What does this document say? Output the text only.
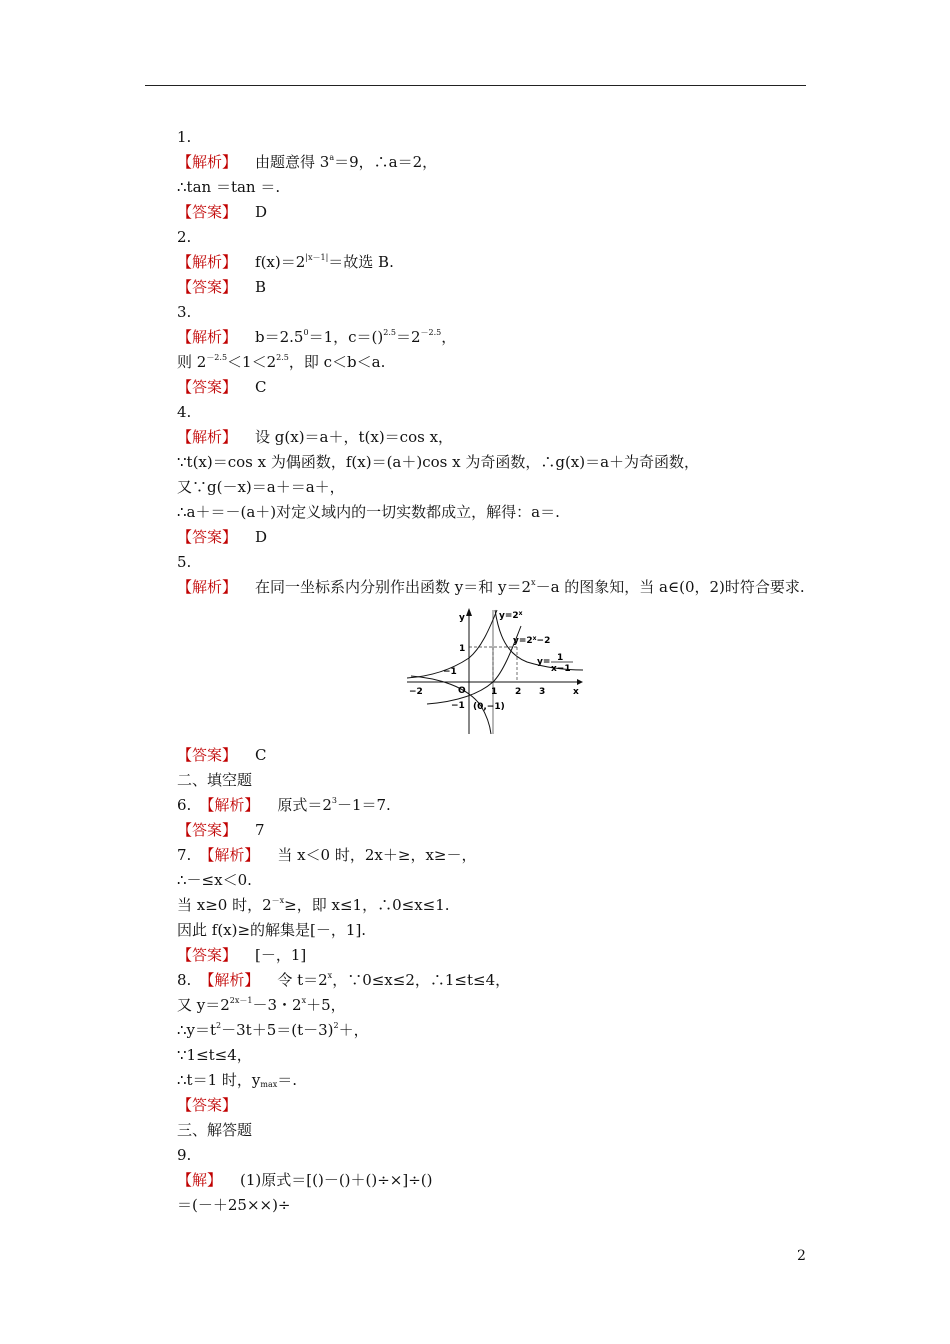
1.
【解析】 由题意得 $3^a=9$，∴a＝2，
∴tan ＝tan ＝.
【答案】 D
2.
【解析】 $f(x)=2^{|x-1|}=$故选 B.
【答案】 B
3.
【解析】 $b=2.5^0=1$，$c=()^{2.5}=2^{-2.5}$，
则 $2^{-2.5}<1<2^{2.5}$，即 c＜b＜a.
【答案】 C
4.
【解析】 设 g(x)＝a＋，t(x)＝cos x，
∵t(x)＝cos x 为偶函数，f(x)＝(a＋)cos x 为奇函数，∴g(x)＝a＋为奇函数，
又∵g(－x)＝a＋＝a＋，
∴a＋＝－(a＋)对定义域内的一切实数都成立，解得：a＝.
【答案】 D
5.
【解析】 在同一坐标系内分别作出函数 y＝和 $y=2^x-a$ 的图象知，当 a∈(0，2)时符合要求.
y
x
O
$y=2^x$
$y=2^x-2$
y= 1
x−1
1 2 3
−2
−1
1
−1 (0,−1)
【答案】 C
二、填空题
6. 【解析】 原式$=2^3-1=7$.
【答案】 7
7. 【解析】 当 x＜0 时，2x＋≥，x≥－，
∴－≤x＜0.
当 x≥0 时，$2^{-x}\ge$，即 x≤1，∴0≤x≤1.
因此 f(x)≥的解集是[－，1].
【答案】 [－，1]
8. 【解析】 令 $t=2^x$，∵0≤x≤2，∴1≤t≤4，
又 $y=2^{2x-1}-3$・$2^x+5$，
$\therefore y=t^2-3t+5=(t-3)^2+$，
∵1≤t≤4，
∴t＝1 时，$y_{max}=$.
【答案】
三、解答题
9.
【解】 (1)原式＝[()－()＋()÷×]÷()
＝(－＋25××)÷
2
